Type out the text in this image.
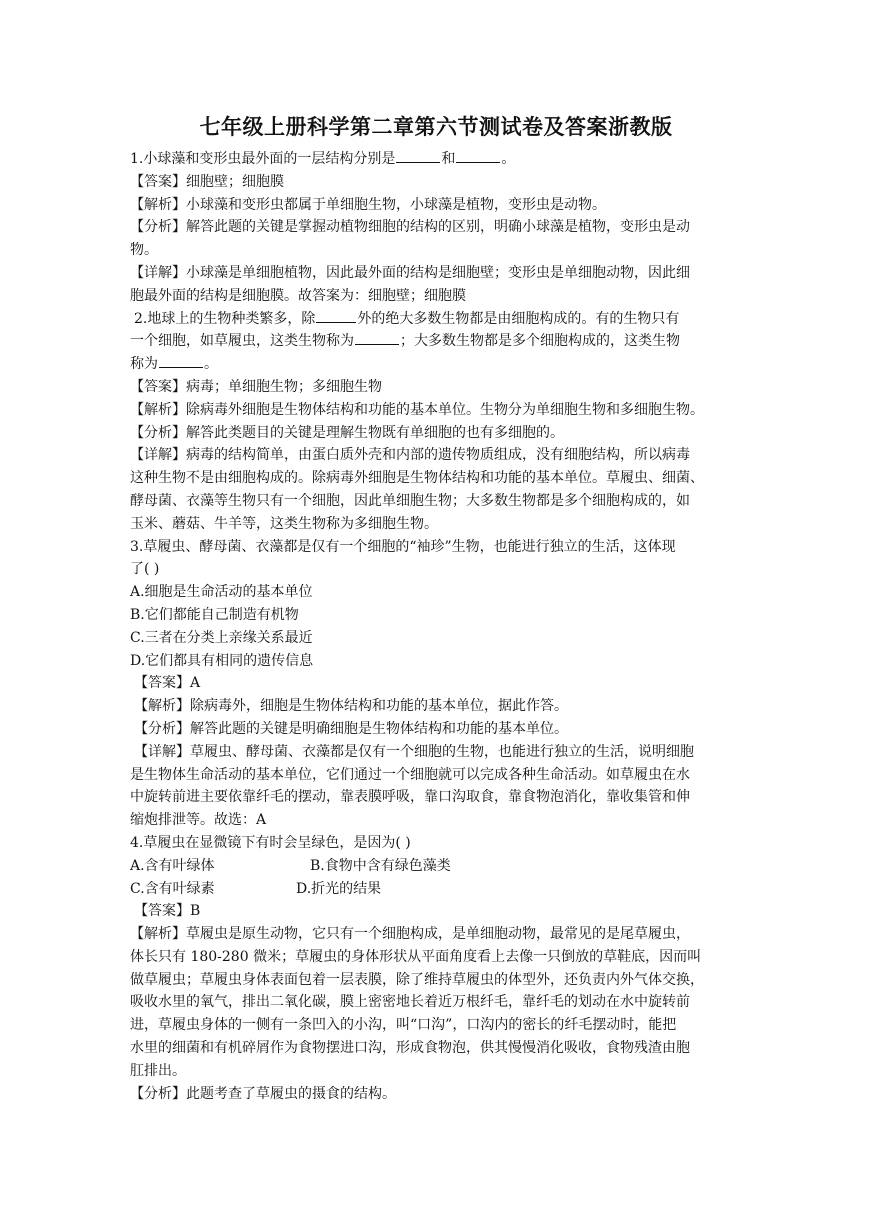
七年级上册科学第二章第六节测试卷及答案浙教版
1.小球藻和变形虫最外面的一层结构分别是	和	。
【答案】细胞壁；细胞膜
【解析】小球藻和变形虫都属于单细胞生物，小球藻是植物，变形虫是动物。
【分析】解答此题的关键是掌握动植物细胞的结构的区别，明确小球藻是植物，变形虫是动
物。
【详解】小球藻是单细胞植物，因此最外面的结构是细胞壁；变形虫是单细胞动物，因此细
胞最外面的结构是细胞膜。故答案为：细胞壁；细胞膜
2.地球上的生物种类繁多，除	外的绝大多数生物都是由细胞构成的。有的生物只有
一个细胞，如草履虫，这类生物称为	；大多数生物都是多个细胞构成的，这类生物
称为	。
【答案】病毒；单细胞生物；多细胞生物
【解析】除病毒外细胞是生物体结构和功能的基本单位。生物分为单细胞生物和多细胞生物。
【分析】解答此类题目的关键是理解生物既有单细胞的也有多细胞的。
【详解】病毒的结构简单，由蛋白质外壳和内部的遗传物质组成，没有细胞结构，所以病毒
这种生物不是由细胞构成的。除病毒外细胞是生物体结构和功能的基本单位。草履虫、细菌、
酵母菌、衣藻等生物只有一个细胞，因此单细胞生物；大多数生物都是多个细胞构成的，如
玉米、蘑菇、牛羊等，这类生物称为多细胞生物。
3.草履虫、酵母菌、衣藻都是仅有一个细胞的“袖珍”生物，也能进行独立的生活，这体现
了( )
A.细胞是生命活动的基本单位
B.它们都能自己制造有机物
C.三者在分类上亲缘关系最近
D.它们都具有相同的遗传信息
【答案】A
【解析】除病毒外，细胞是生物体结构和功能的基本单位，据此作答。
【分析】解答此题的关键是明确细胞是生物体结构和功能的基本单位。
【详解】草履虫、酵母菌、衣藻都是仅有一个细胞的生物，也能进行独立的生活，说明细胞
是生物体生命活动的基本单位，它们通过一个细胞就可以完成各种生命活动。如草履虫在水
中旋转前进主要依靠纤毛的摆动，靠表膜呼吸，靠口沟取食，靠食物泡消化，靠收集管和伸
缩炮排泄等。故选：A
4.草履虫在显微镜下有时会呈绿色，是因为( )
A.含有叶绿体	B.食物中含有绿色藻类
C.含有叶绿素	D.折光的结果
【答案】B
【解析】草履虫是原生动物，它只有一个细胞构成，是单细胞动物，最常见的是尾草履虫，
体长只有 180-280 微米；草履虫的身体形状从平面角度看上去像一只倒放的草鞋底，因而叫
做草履虫；草履虫身体表面包着一层表膜，除了维持草履虫的体型外，还负责内外气体交换，
吸收水里的氧气，排出二氧化碳，膜上密密地长着近万根纤毛，靠纤毛的划动在水中旋转前
进，草履虫身体的一侧有一条凹入的小沟，叫“口沟”，口沟内的密长的纤毛摆动时，能把
水里的细菌和有机碎屑作为食物摆进口沟，形成食物泡，供其慢慢消化吸收，食物残渣由胞
肛排出。
【分析】此题考查了草履虫的摄食的结构。
